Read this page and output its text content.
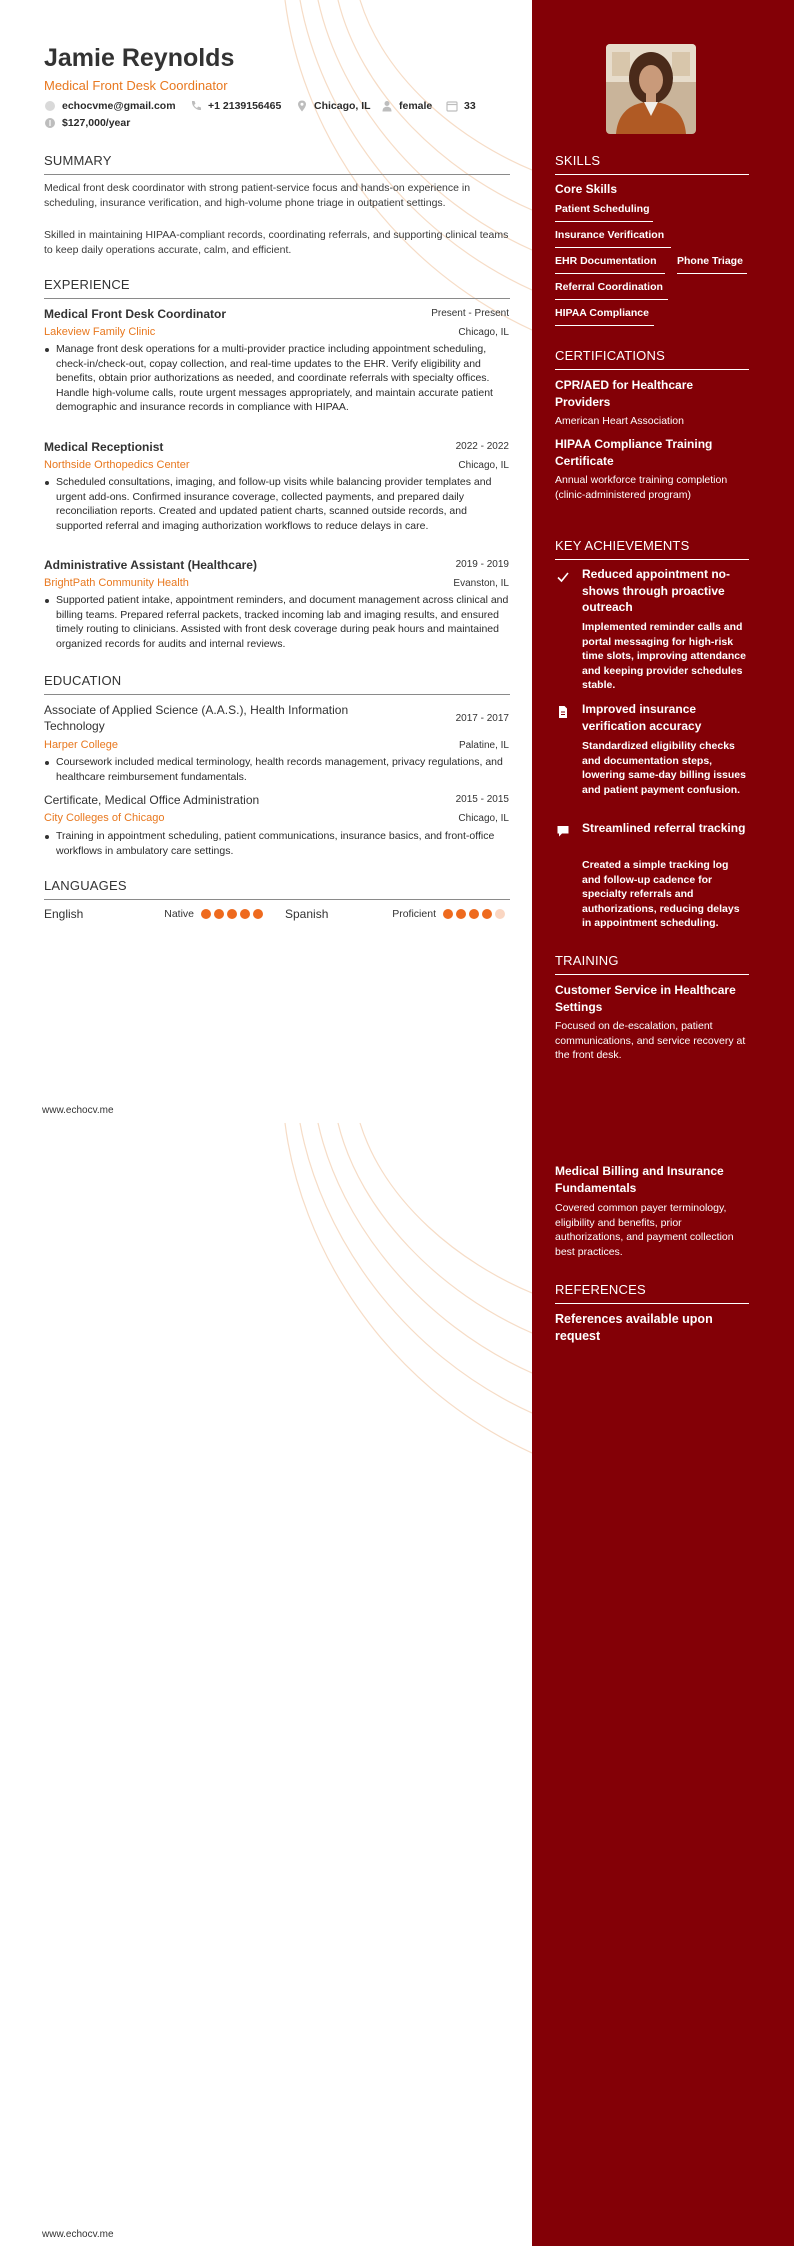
Jamie Reynolds
Medical Front Desk Coordinator
echocvme@gmail.com	+1 2139156465	Chicago, IL	female	33
$127,000/year
SUMMARY

Medical front desk coordinator with strong patient-service focus and hands-on experience in scheduling, insurance verification, and high-volume phone triage in outpatient settings.

Skilled in maintaining HIPAA-compliant records, coordinating referrals, and supporting clinical teams to keep daily operations accurate, calm, and efficient.

EXPERIENCE
Medical Front Desk Coordinator	Present - Present
Lakeview Family Clinic	Chicago, IL
Manage front desk operations for a multi-provider practice including appointment scheduling, check-in/check-out, copay collection, and real-time updates to the EHR. Verify eligibility and benefits, obtain prior authorizations as needed, and coordinate referrals with specialty offices. Handle high-volume calls, route urgent messages appropriately, and maintain accurate patient demographic and insurance records in compliance with HIPAA.
Medical Receptionist	2022 - 2022
Northside Orthopedics Center	Chicago, IL
Scheduled consultations, imaging, and follow-up visits while balancing provider templates and urgent add-ons. Confirmed insurance coverage, collected payments, and prepared daily reconciliation reports. Created and updated patient charts, scanned outside records, and supported referral and imaging authorization workflows to reduce delays in care.
Administrative Assistant (Healthcare)	2019 - 2019
BrightPath Community Health	Evanston, IL
Supported patient intake, appointment reminders, and document management across clinical and billing teams. Prepared referral packets, tracked incoming lab and imaging results, and ensured timely routing to clinicians. Assisted with front desk coverage during peak hours and maintained organized records for audits and internal reviews.
EDUCATION
Associate of Applied Science (A.A.S.), Health Information Technology
2017 - 2017
Harper College	Palatine, IL
Coursework included medical terminology, health records management, privacy regulations, and healthcare reimbursement fundamentals.
Certificate, Medical Office Administration	2015 - 2015
City Colleges of Chicago	Chicago, IL
Training in appointment scheduling, patient communications, insurance basics, and front-office workflows in ambulatory care settings.
LANGUAGES
English	Native	Spanish	Proficient
www.echocv.me
www.echocv.me
SKILLS
Core Skills
Patient Scheduling
Insurance Verification
EHR Documentation Phone Triage
Referral Coordination
HIPAA Compliance
CERTIFICATIONS
CPR/AED for Healthcare Providers
American Heart Association
HIPAA Compliance Training Certificate
Annual workforce training completion (clinic-administered program)
KEY ACHIEVEMENTS
Reduced appointment no-shows through proactive outreach
Implemented reminder calls and portal messaging for high-risk time slots, improving attendance and keeping provider schedules stable.
Improved insurance verification accuracy
Standardized eligibility checks and documentation steps, lowering same-day billing issues and patient payment confusion.
Streamlined referral tracking
Created a simple tracking log and follow-up cadence for specialty referrals and authorizations, reducing delays in appointment scheduling.
TRAINING
Customer Service in Healthcare Settings
Focused on de-escalation, patient communications, and service recovery at the front desk.
Medical Billing and Insurance Fundamentals
Covered common payer terminology, eligibility and benefits, prior authorizations, and payment collection best practices.
REFERENCES
References available upon request
